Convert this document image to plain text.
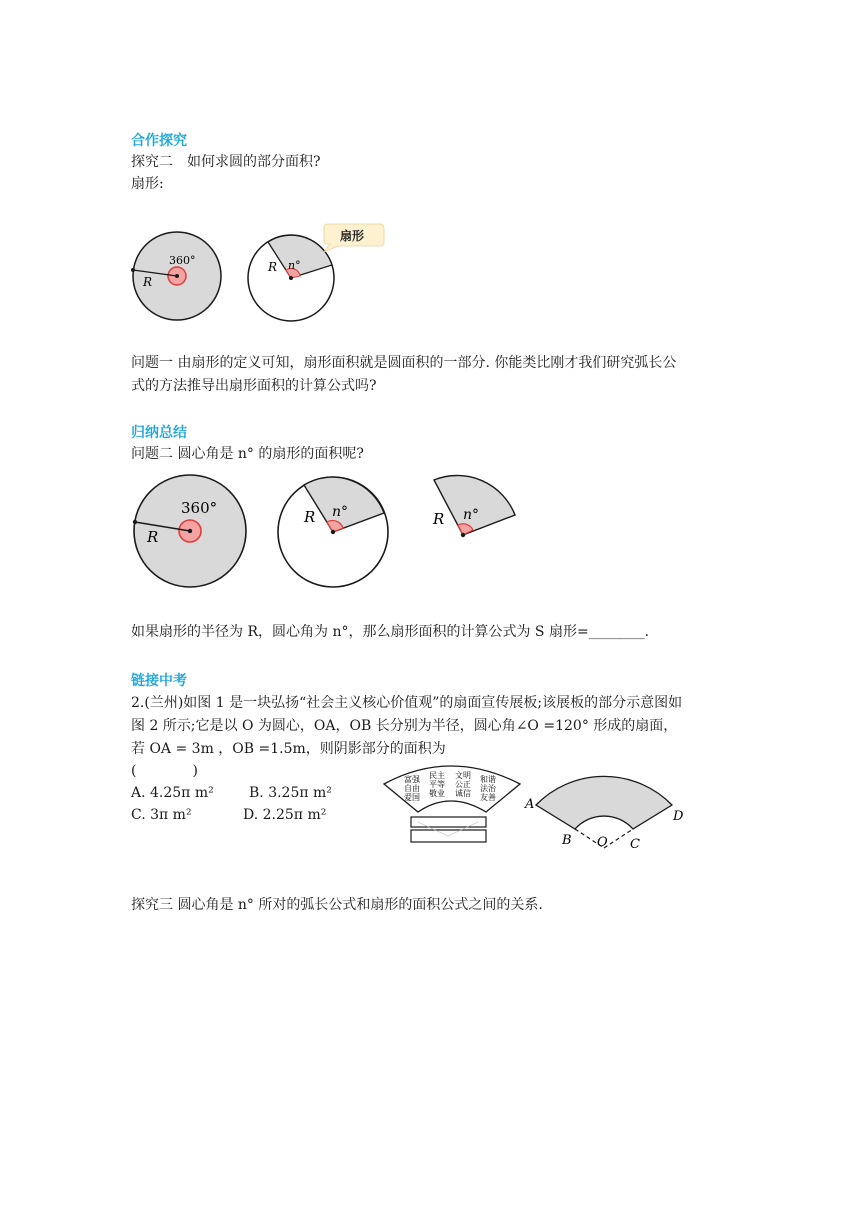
合作探究
探究二　如何求圆的部分面积?
扇形:
360°
R
R n°
扇形
问题一 由扇形的定义可知，扇形面积就是圆面积的一部分. 你能类比刚才我们研究弧长公
式的方法推导出扇形面积的计算公式吗?
归纳总结
问题二 圆心角是 n° 的扇形的面积呢?
360°
R
R n°	R n°
如果扇形的半径为 R，圆心角为 n°，那么扇形面积的计算公式为 S 扇形=________.
链接中考
2.(兰州)如图 1 是一块弘扬“社会主义核心价值观”的扇面宣传展板;该展板的部分示意图如
图 2 所示;它是以 O 为圆心，OA，OB 长分别为半径，圆心角∠O =120° 形成的扇面，
若 OA = 3m ，OB =1.5m，则阴影部分的面积为
(　　　　)
A. 4.25π m²	B. 3.25π m²
C. 3π m²	D. 2.25π m²
富强 民主 文明 和谐
自由 平等 公正 法治
爱国 敬业 诚信 友善 A
B O C
D
探究三 圆心角是 n° 所对的弧长公式和扇形的面积公式之间的关系.
